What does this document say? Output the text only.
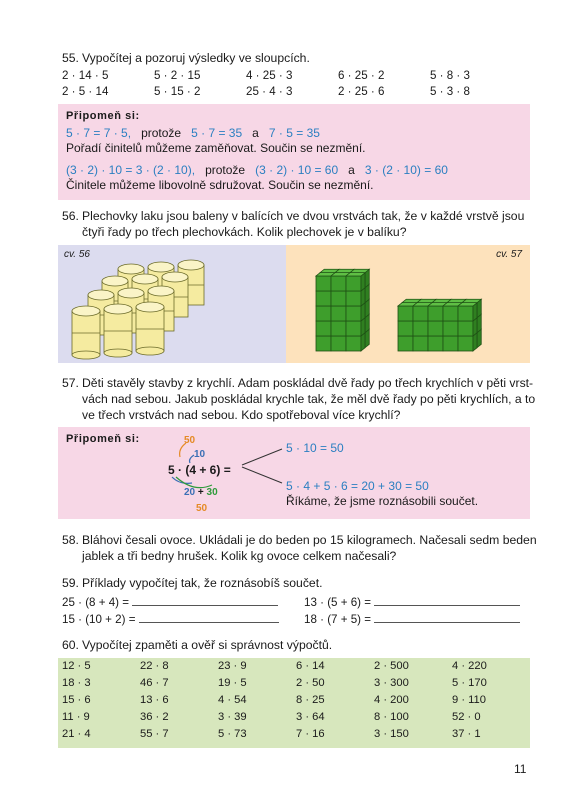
55. Vypočítej a pozoruj výsledky ve sloupcích.
2 · 14 · 5	5 · 2 · 15	4 · 25 · 3	6 · 25 · 2	5 · 8 · 3
2 · 5 · 14	5 · 15 · 2	25 · 4 · 3	2 · 25 · 6	5 · 3 · 8
Připomeň si:
5 · 7 = 7 · 5, protože 5 · 7 = 35 a 7 · 5 = 35
Pořadí činitelů můžeme zaměňovat. Součin se nezmění.
(3 · 2) · 10 = 3 · (2 · 10), protože (3 · 2) · 10 = 60 a 3 · (2 · 10) = 60
Činitele můžeme libovolně sdružovat. Součin se nezmění.
56. Plechovky laku jsou baleny v balících ve dvou vrstvách tak, že v každé vrstvě jsou
čtyři řady po třech plechovkách. Kolik plechovek je v balíku?
cv. 56	cv. 57
57. Děti stavěly stavby z krychlí. Adam poskládal dvě řady po třech krychlích v pěti vrst-
vách nad sebou. Jakub poskládal krychle tak, že měl dvě řady po pěti krychlích, a to
ve třech vrstvách nad sebou. Kdo spotřeboval více krychlí?
Připomeň si:	50
10
5 · (4 + 6) =
20 + 30
50
5 · 10 = 50
5 · 4 + 5 · 6 = 20 + 30 = 50
Říkáme, že jsme roznásobili součet.
58. Bláhovi česali ovoce. Ukládali je do beden po 15 kilogramech. Načesali sedm beden
jablek a tři bedny hrušek. Kolik kg ovoce celkem načesali?
59. Příklady vypočítej tak, že roznásobíš součet.
25 · (8 + 4) =	13 · (5 + 6) =
15 · (10 + 2) =	18 · (7 + 5) =
60. Vypočítej zpaměti a ověř si správnost výpočtů.
12 · 5	22 · 8	23 · 9	6 · 14	2 · 500	4 · 220
18 · 3	46 · 7	19 · 5	2 · 50	3 · 300	5 · 170
15 · 6	13 · 6	4 · 54	8 · 25	4 · 200	9 · 110
11 · 9	36 · 2	3 · 39	3 · 64	8 · 100	52 · 0
21 · 4	55 · 7	5 · 73	7 · 16	3 · 150	37 · 1
11
